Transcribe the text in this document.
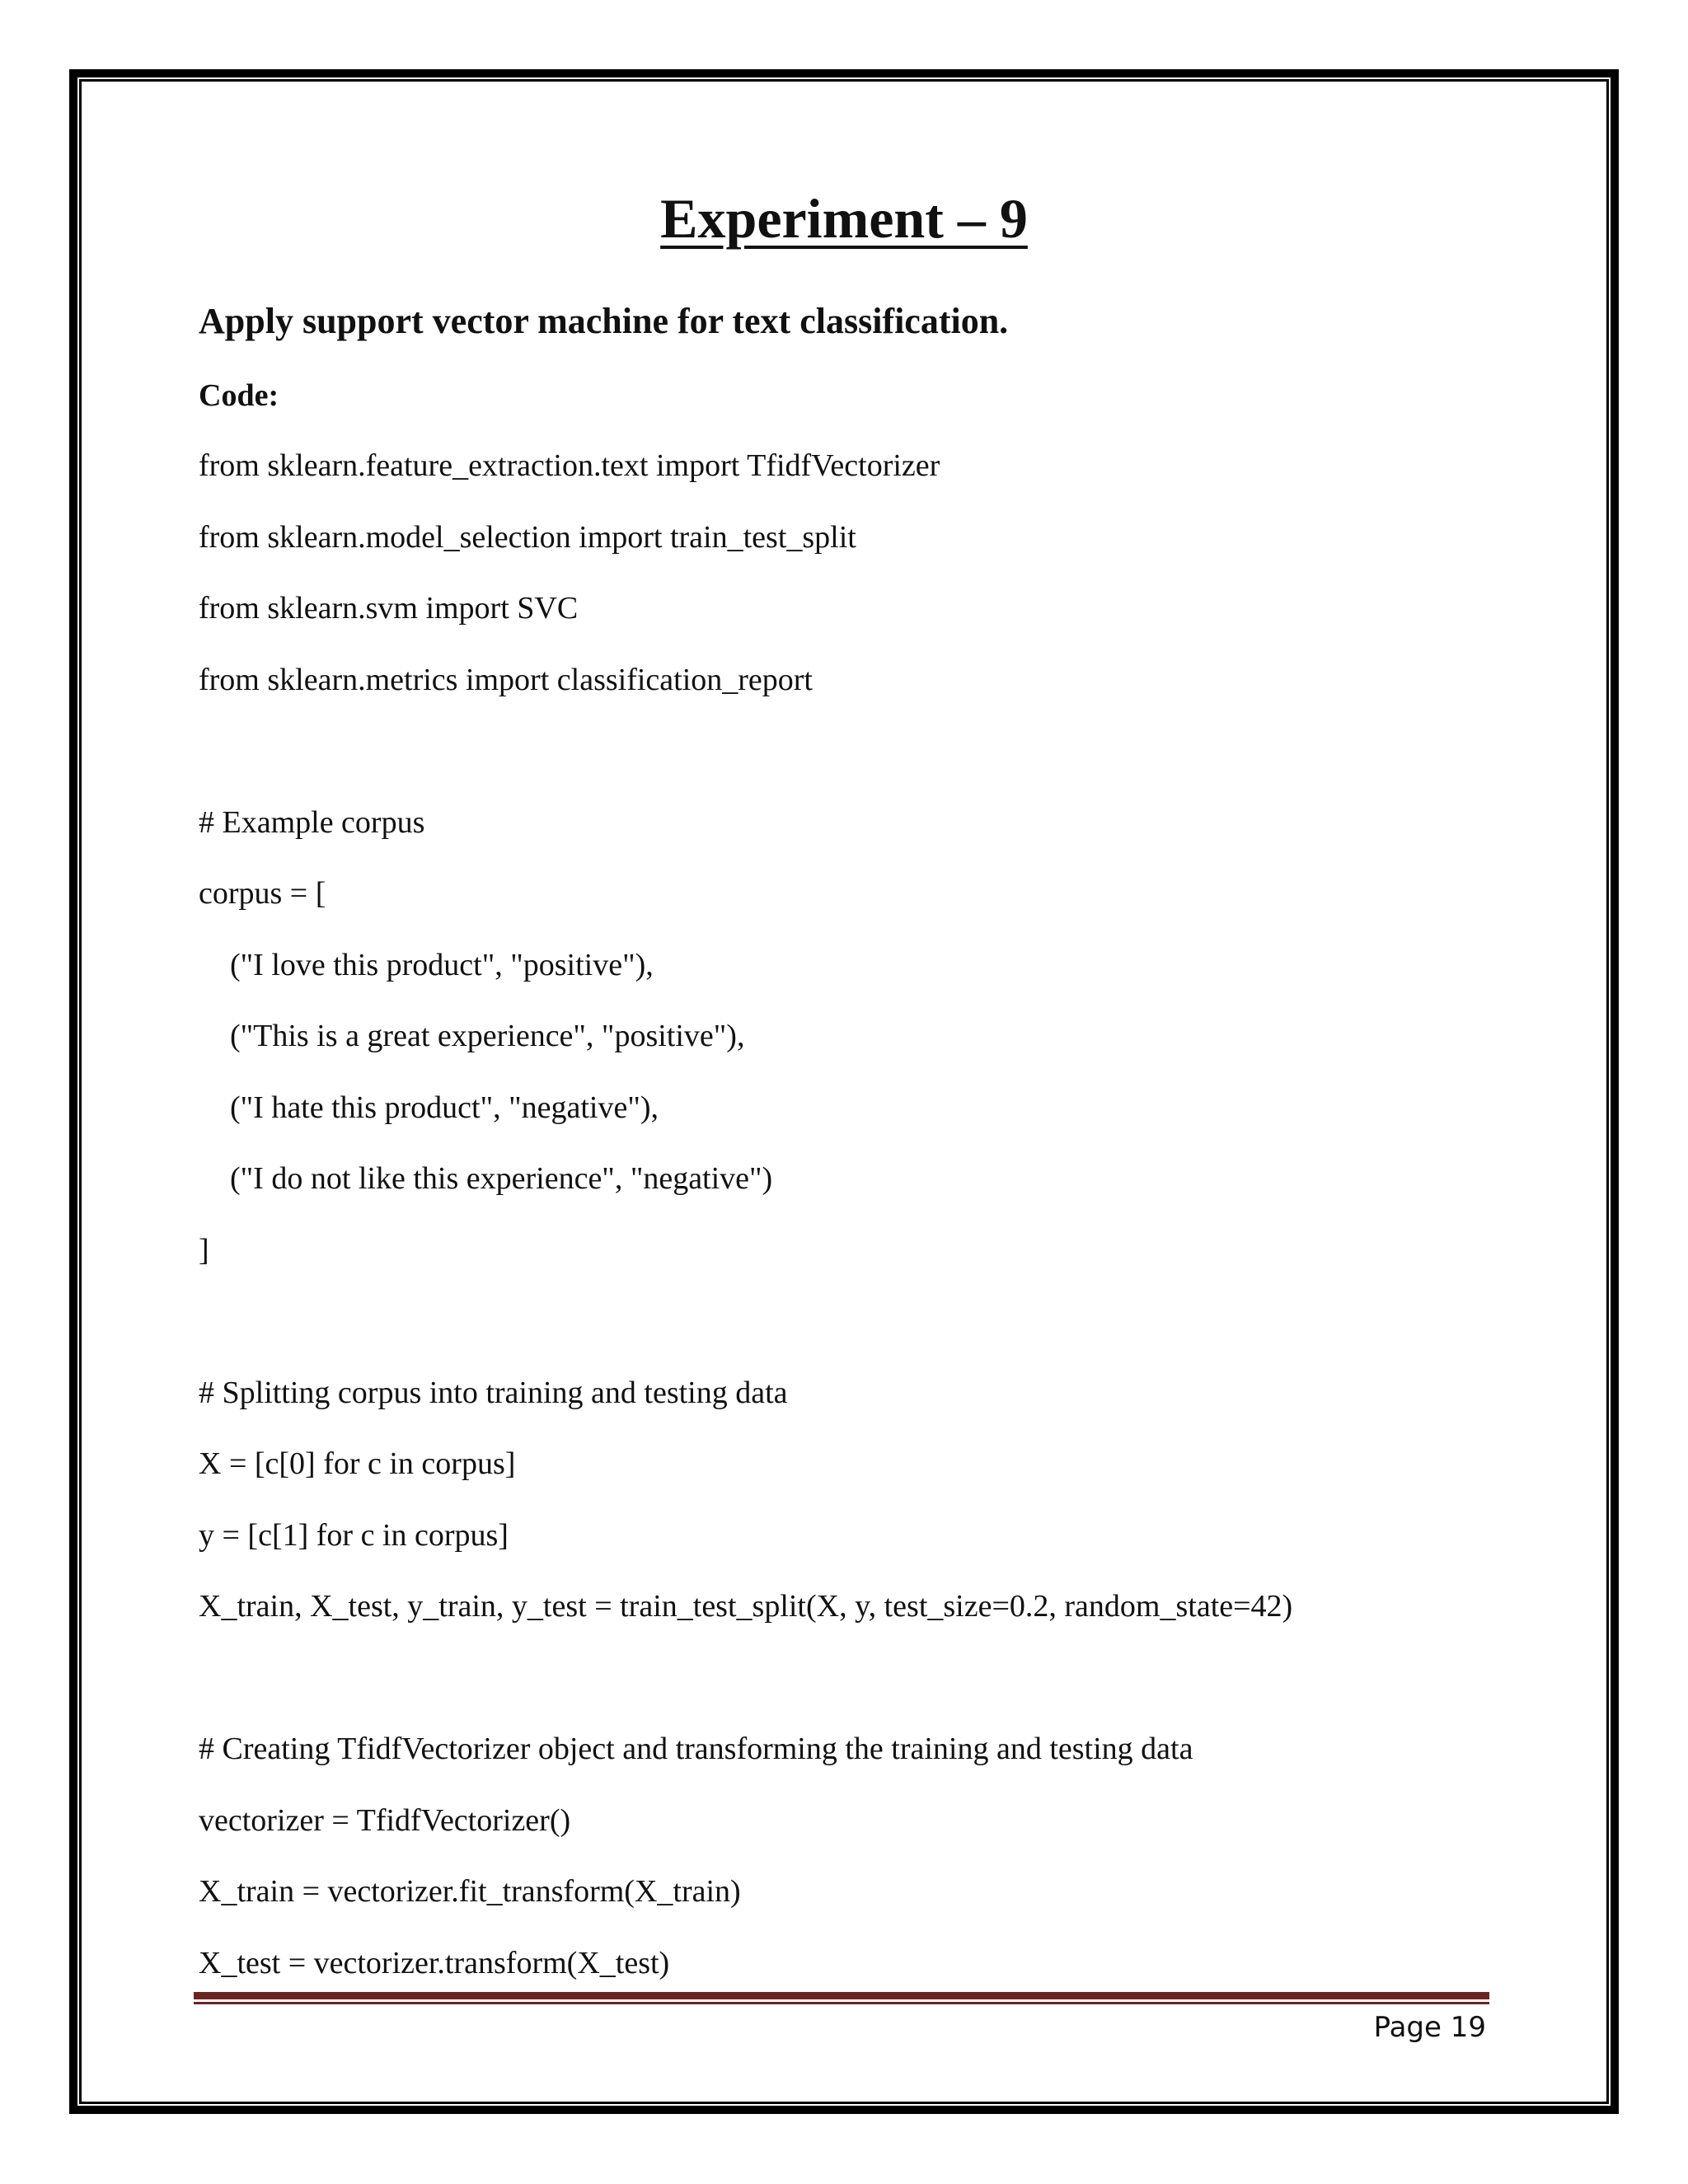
Experiment – 9
Apply support vector machine for text classification.
Code:
from sklearn.feature_extraction.text import TfidfVectorizer
from sklearn.model_selection import train_test_split
from sklearn.svm import SVC
from sklearn.metrics import classification_report
# Example corpus
corpus = [
("I love this product", "positive"),
("This is a great experience", "positive"),
("I hate this product", "negative"),
("I do not like this experience", "negative")
]
# Splitting corpus into training and testing data
X = [c[0] for c in corpus]
y = [c[1] for c in corpus]
X_train, X_test, y_train, y_test = train_test_split(X, y, test_size=0.2, random_state=42)
# Creating TfidfVectorizer object and transforming the training and testing data
vectorizer = TfidfVectorizer()
X_train = vectorizer.fit_transform(X_train)
X_test = vectorizer.transform(X_test)
Page 19
